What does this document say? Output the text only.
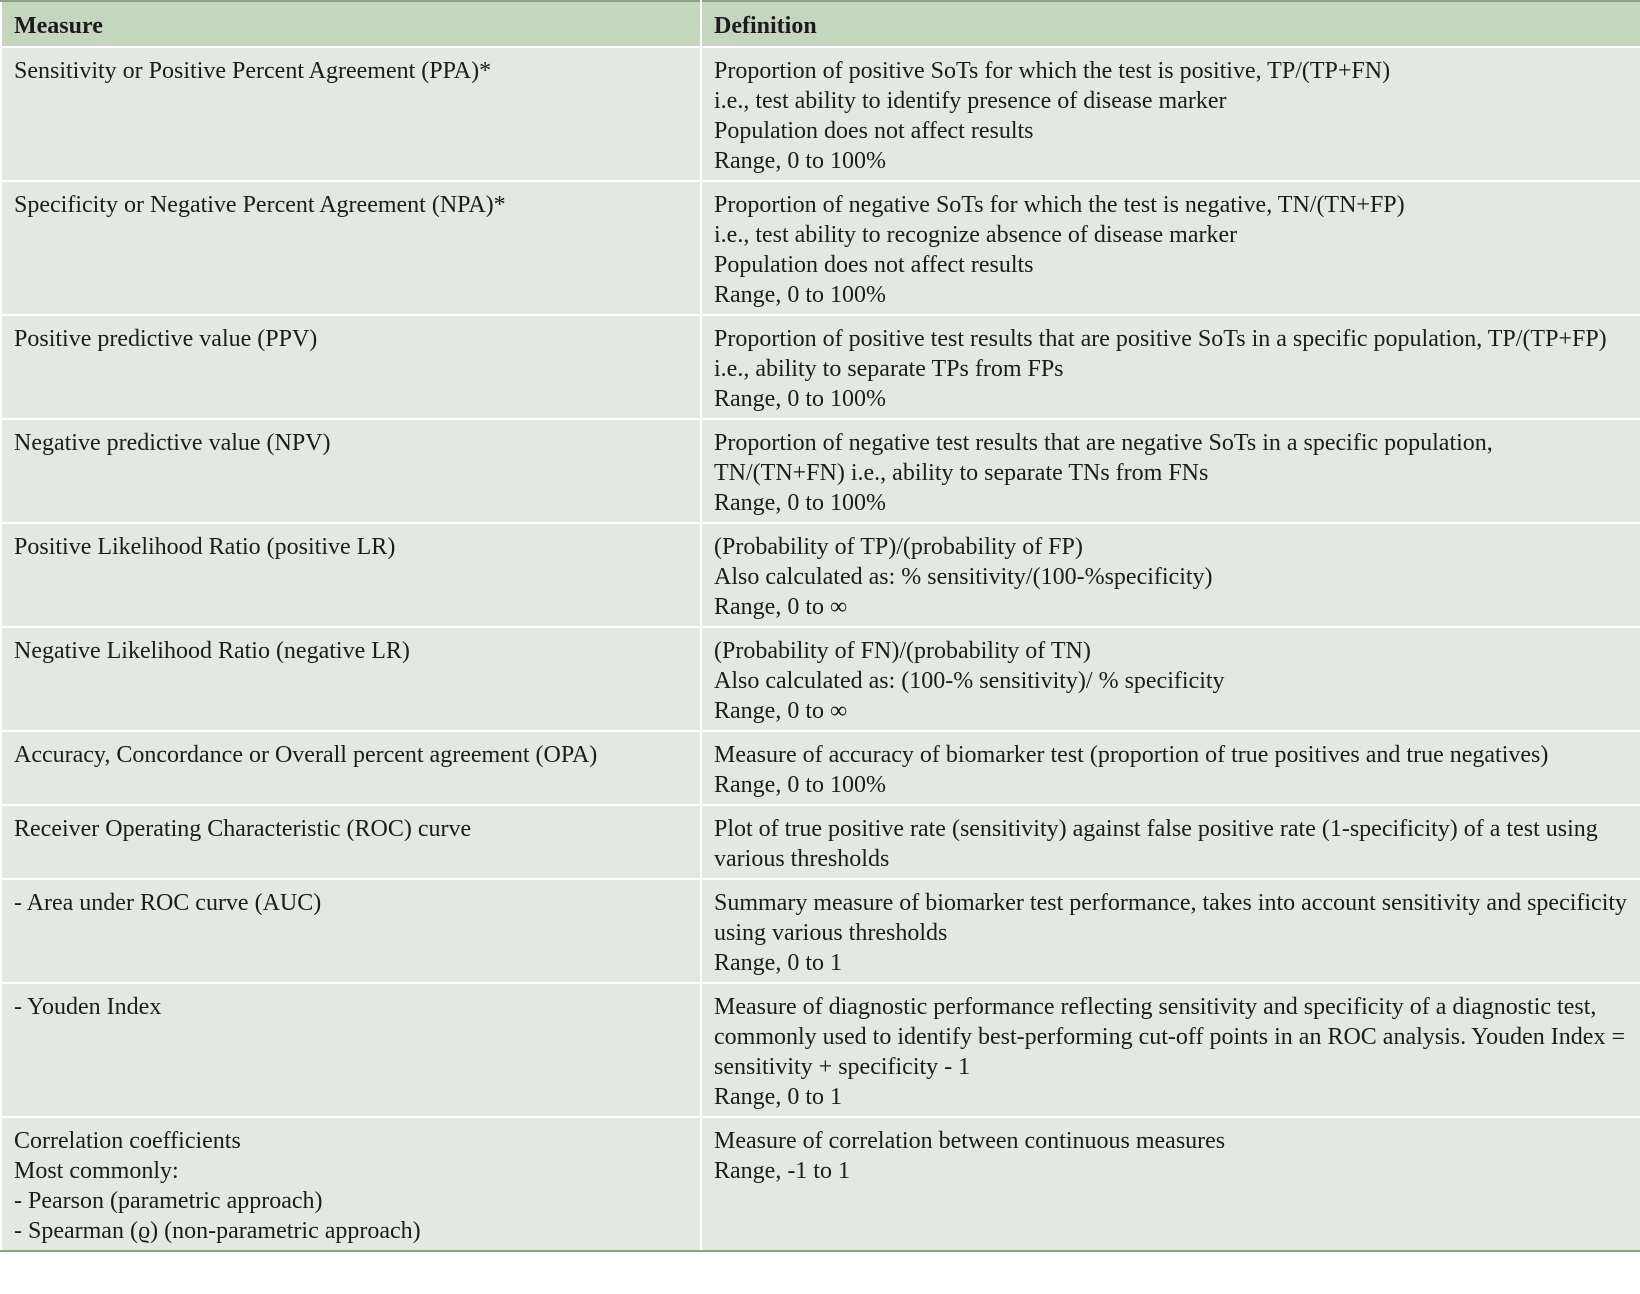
Measure	Definition

Sensitivity or Positive Percent Agreement (PPA)*	Proportion of positive SoTs for which the test is positive, TP/(TP+FN)
i.e., test ability to identify presence of disease marker
Population does not affect results
Range, 0 to 100%

Specificity or Negative Percent Agreement (NPA)*	Proportion of negative SoTs for which the test is negative, TN/(TN+FP)
i.e., test ability to recognize absence of disease marker
Population does not affect results
Range, 0 to 100%

Positive predictive value (PPV)	Proportion of positive test results that are positive SoTs in a specific population, TP/(TP+FP) i.e., ability to separate TPs from FPs
Range, 0 to 100%

Negative predictive value (NPV)	Proportion of negative test results that are negative SoTs in a specific population, TN/(TN+FN) i.e., ability to separate TNs from FNs
Range, 0 to 100%

Positive Likelihood Ratio (positive LR)	(Probability of TP)/(probability of FP)
Also calculated as: % sensitivity/(100-%specificity)
Range, 0 to ∞

Negative Likelihood Ratio (negative LR)	(Probability of FN)/(probability of TN)
Also calculated as: (100-% sensitivity)/ % specificity
Range, 0 to ∞

Accuracy, Concordance or Overall percent agreement (OPA)	Measure of accuracy of biomarker test (proportion of true positives and true negatives)
Range, 0 to 100%

Receiver Operating Characteristic (ROC) curve	Plot of true positive rate (sensitivity) against false positive rate (1-specificity) of a test using various thresholds

- Area under ROC curve (AUC)	Summary measure of biomarker test performance, takes into account sensitivity and specificity using various thresholds
Range, 0 to 1

- Youden Index	Measure of diagnostic performance reflecting sensitivity and specificity of a diagnostic test, commonly used to identify best-performing cut-off points in an ROC analysis. Youden Index = sensitivity + specificity - 1
Range, 0 to 1

Correlation coefficients
Most commonly:
- Pearson (parametric approach)
- Spearman (ϱ) (non-parametric approach)	Measure of correlation between continuous measures
Range, -1 to 1
